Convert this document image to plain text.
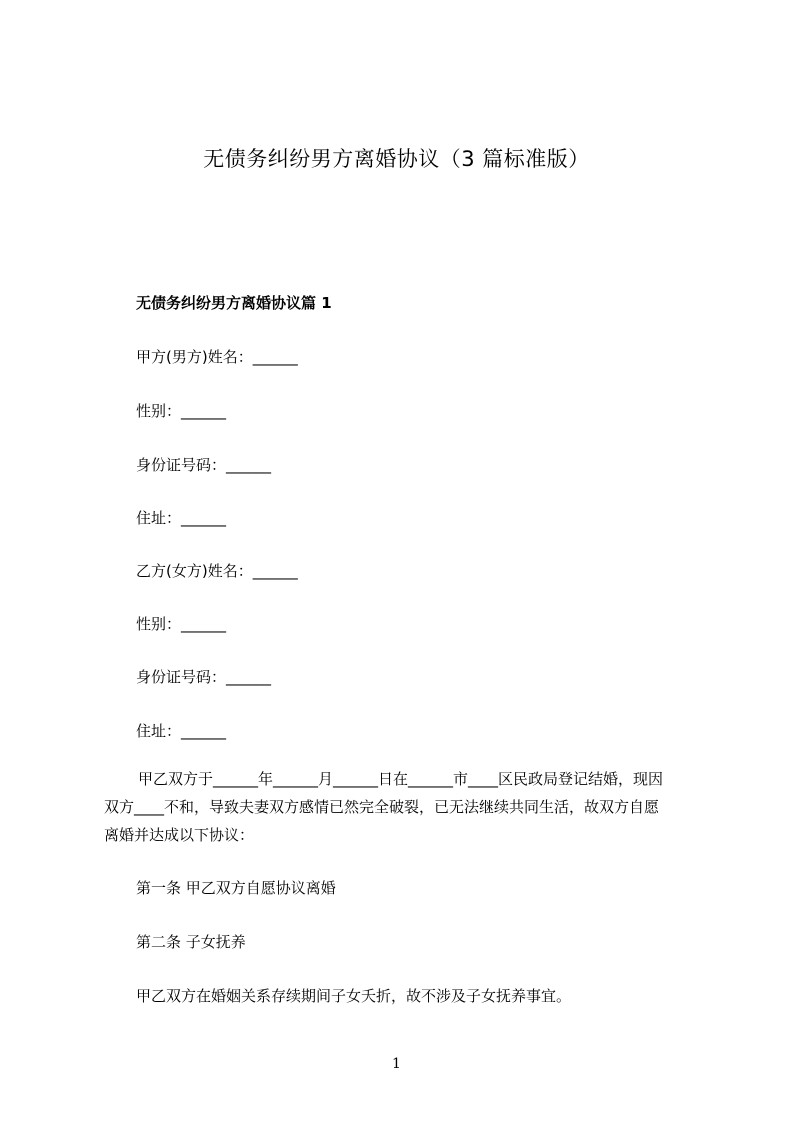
无债务纠纷男方离婚协议（3 篇标准版）
无债务纠纷男方离婚协议篇 1
甲方(男方)姓名：______
性别：______
身份证号码：______
住址：______
乙方(女方)姓名：______
性别：______
身份证号码：______
住址：______
甲乙双方于______年______月______日在______市____区民政局登记结婚，现因
双方____不和，导致夫妻双方感情已然完全破裂，已无法继续共同生活，故双方自愿
离婚并达成以下协议：
第一条 甲乙双方自愿协议离婚
第二条 子女抚养
甲乙双方在婚姻关系存续期间子女夭折，故不涉及子女抚养事宜。
1
